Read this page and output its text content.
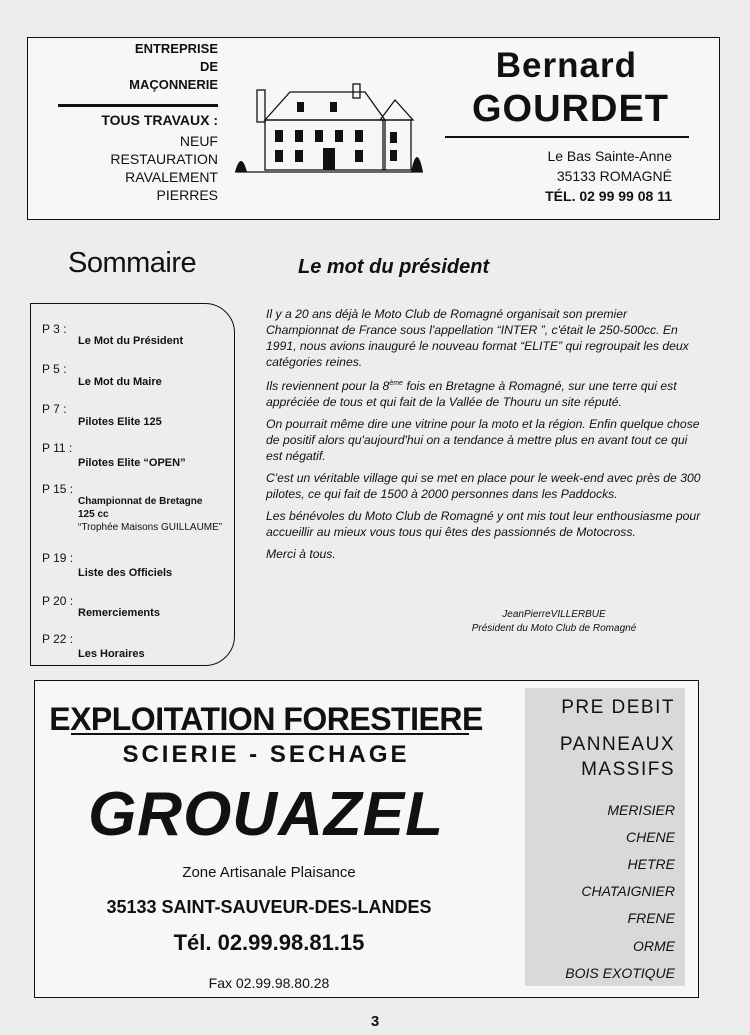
ENTREPRISE
DE
MAÇONNERIE
TOUS TRAVAUX :
NEUF
RESTAURATION
RAVALEMENT
PIERRES
Bernard
GOURDET
Le Bas Sainte-Anne
35133 ROMAGNÉ
TÉL. 02 99 99 08 11
Sommaire
P 3 :
Le Mot du Président
P 5 :
Le Mot du Maire
P 7 :
Pilotes Elite 125
P 11 :
Pilotes Elite “OPEN”
P 15 :
Championnat de Bretagne
125 cc
“Trophée Maisons GUILLAUME”
P 19 :
Liste des Officiels
P 20 :
Remerciements
P 22 :
Les Horaires
Le mot du président

Il y a 20 ans déjà le Moto Club de Romagné organisait son premier Championnat de France sous l'appellation “INTER ”, c'était le 250-500cc. En 1991, nous avions inauguré le nouveau format “ELITE” qui regroupait les deux catégories reines.

Ils reviennent pour la 8ème fois en Bretagne à Romagné, sur une terre qui est appréciée de tous et qui fait de la Vallée de Thouru un site réputé.

On pourrait même dire une vitrine pour la moto et la région. Enfin quelque chose de positif alors qu'aujourd'hui on a tendance à mettre plus en avant tout ce qui est négatif.

C'est un véritable village qui se met en place pour le week-end avec près de 300 pilotes, ce qui fait de 1500 à 2000 personnes dans les Paddocks.

Les bénévoles du Moto Club de Romagné y ont mis tout leur enthousiasme pour accueillir au mieux vous tous qui êtes des passionnés de Motocross.

Merci à tous.

JeanPierreVILLERBUE
Président du Moto Club de Romagné
EXPLOITATION FORESTIERE
SCIERIE - SECHAGE
GROUAZEL
Zone Artisanale Plaisance
35133 SAINT-SAUVEUR-DES-LANDES
Tél. 02.99.98.81.15
Fax 02.99.98.80.28
PRE DEBIT
PANNEAUX
MASSIFS
MERISIER
CHENE
HETRE
CHATAIGNIER
FRENE
ORME
BOIS EXOTIQUE
3
